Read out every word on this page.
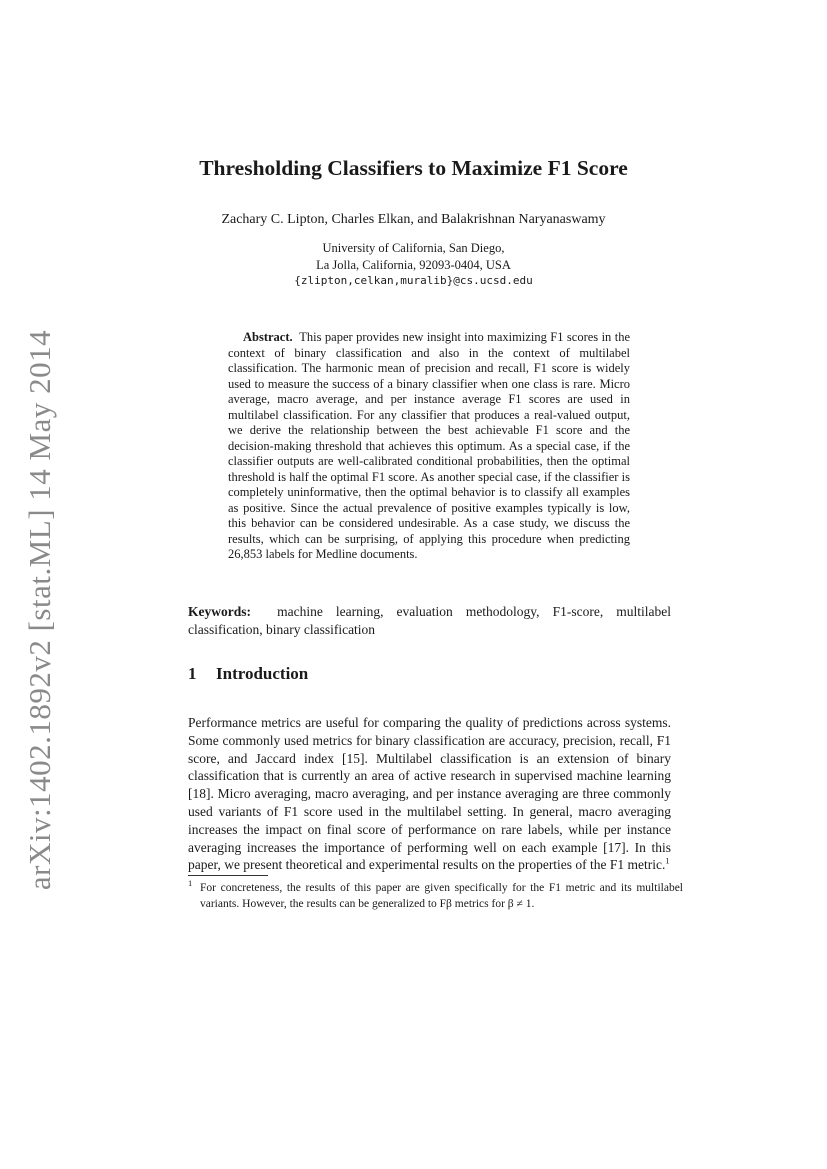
arXiv:1402.1892v2 [stat.ML] 14 May 2014
Thresholding Classifiers to Maximize F1 Score
Zachary C. Lipton, Charles Elkan, and Balakrishnan Naryanaswamy
University of California, San Diego,
La Jolla, California, 92093-0404, USA
{zlipton,celkan,muralib}@cs.ucsd.edu

Abstract. This paper provides new insight into maximizing F1 scores in the context of binary classification and also in the context of multilabel classification. The harmonic mean of precision and recall, F1 score is widely used to measure the success of a binary classifier when one class is rare. Micro average, macro average, and per instance average F1 scores are used in multilabel classification. For any classifier that produces a real-valued output, we derive the relationship between the best achievable F1 score and the decision-making threshold that achieves this optimum. As a special case, if the classifier outputs are well-calibrated conditional probabilities, then the optimal threshold is half the optimal F1 score. As another special case, if the classifier is completely uninformative, then the optimal behavior is to classify all examples as positive. Since the actual prevalence of positive examples typically is low, this behavior can be considered undesirable. As a case study, we discuss the results, which can be surprising, of applying this procedure when predicting 26,853 labels for Medline documents.

Keywords: machine learning, evaluation methodology, F1-score, multilabel classification, binary classification

1 Introduction

Performance metrics are useful for comparing the quality of predictions across systems. Some commonly used metrics for binary classification are accuracy, precision, recall, F1 score, and Jaccard index [15]. Multilabel classification is an extension of binary classification that is currently an area of active research in supervised machine learning [18]. Micro averaging, macro averaging, and per instance averaging are three commonly used variants of F1 score used in the multilabel setting. In general, macro averaging increases the impact on final score of performance on rare labels, while per instance averaging increases the importance of performing well on each example [17]. In this paper, we present theoretical and experimental results on the properties of the F1 metric.$^1$

$^1$ For concreteness, the results of this paper are given specifically for the F1 metric and its multilabel variants. However, the results can be generalized to Fβ metrics for β ≠ 1.
